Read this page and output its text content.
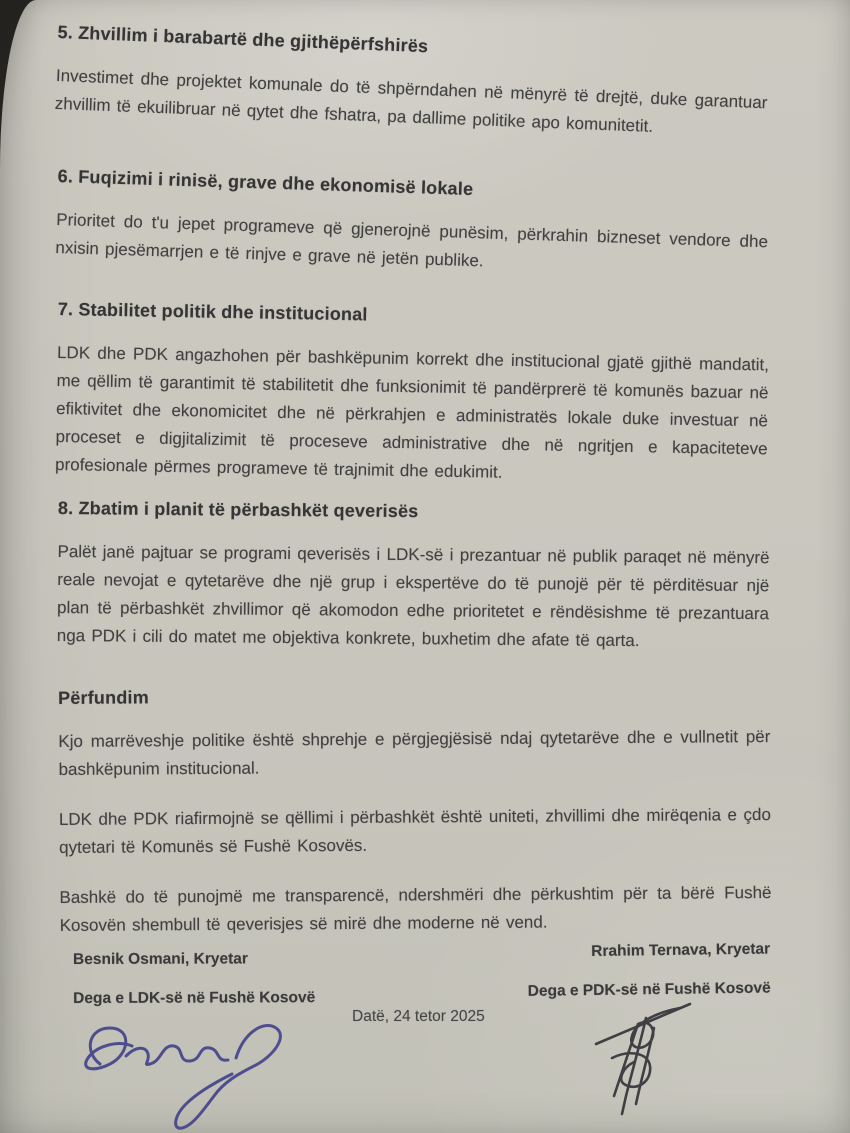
5. Zhvillim i barabartë dhe gjithëpërfshirës

Investimet dhe projektet komunale do të shpërndahen në mënyrë të drejtë, duke garantuar zhvillim të ekuilibruar në qytet dhe fshatra, pa dallime politike apo komunitetit.

6. Fuqizimi i rinisë, grave dhe ekonomisë lokale

Prioritet do t'u jepet programeve që gjenerojnë punësim, përkrahin bizneset vendore dhe nxisin pjesëmarrjen e të rinjve e grave në jetën publike.

7. Stabilitet politik dhe institucional

LDK dhe PDK angazhohen për bashkëpunim korrekt dhe institucional gjatë gjithë mandatit, me qëllim të garantimit të stabilitetit dhe funksionimit të pandërprerë të komunës bazuar në efiktivitet dhe ekonomicitet dhe në përkrahjen e administratës lokale duke investuar në proceset e digjitalizimit të proceseve administrative dhe në ngritjen e kapaciteteve profesionale përmes programeve të trajnimit dhe edukimit.

8. Zbatim i planit të përbashkët qeverisës

Palët janë pajtuar se programi qeverisës i LDK-së i prezantuar në publik paraqet në mënyrë reale nevojat e qytetarëve dhe një grup i ekspertëve do të punojë për të përditësuar një plan të përbashkët zhvillimor që akomodon edhe prioritetet e rëndësishme të prezantuara nga PDK i cili do matet me objektiva konkrete, buxhetim dhe afate të qarta.

Përfundim

Kjo marrëveshje politike është shprehje e përgjegjësisë ndaj qytetarëve dhe e vullnetit për bashkëpunim institucional.

LDK dhe PDK riafirmojnë se qëllimi i përbashkët është uniteti, zhvillimi dhe mirëqenia e çdo qytetari të Komunës së Fushë Kosovës.

Bashkë do të punojmë me transparencë, ndershmëri dhe përkushtim për ta bërë Fushë Kosovën shembull të qeverisjes së mirë dhe moderne në vend.

Besnik Osmani, Kryetar
Dega e LDK-së në Fushë Kosovë
Rrahim Ternava, Kryetar
Dega e PDK-së në Fushë Kosovë
Datë, 24 tetor 2025
